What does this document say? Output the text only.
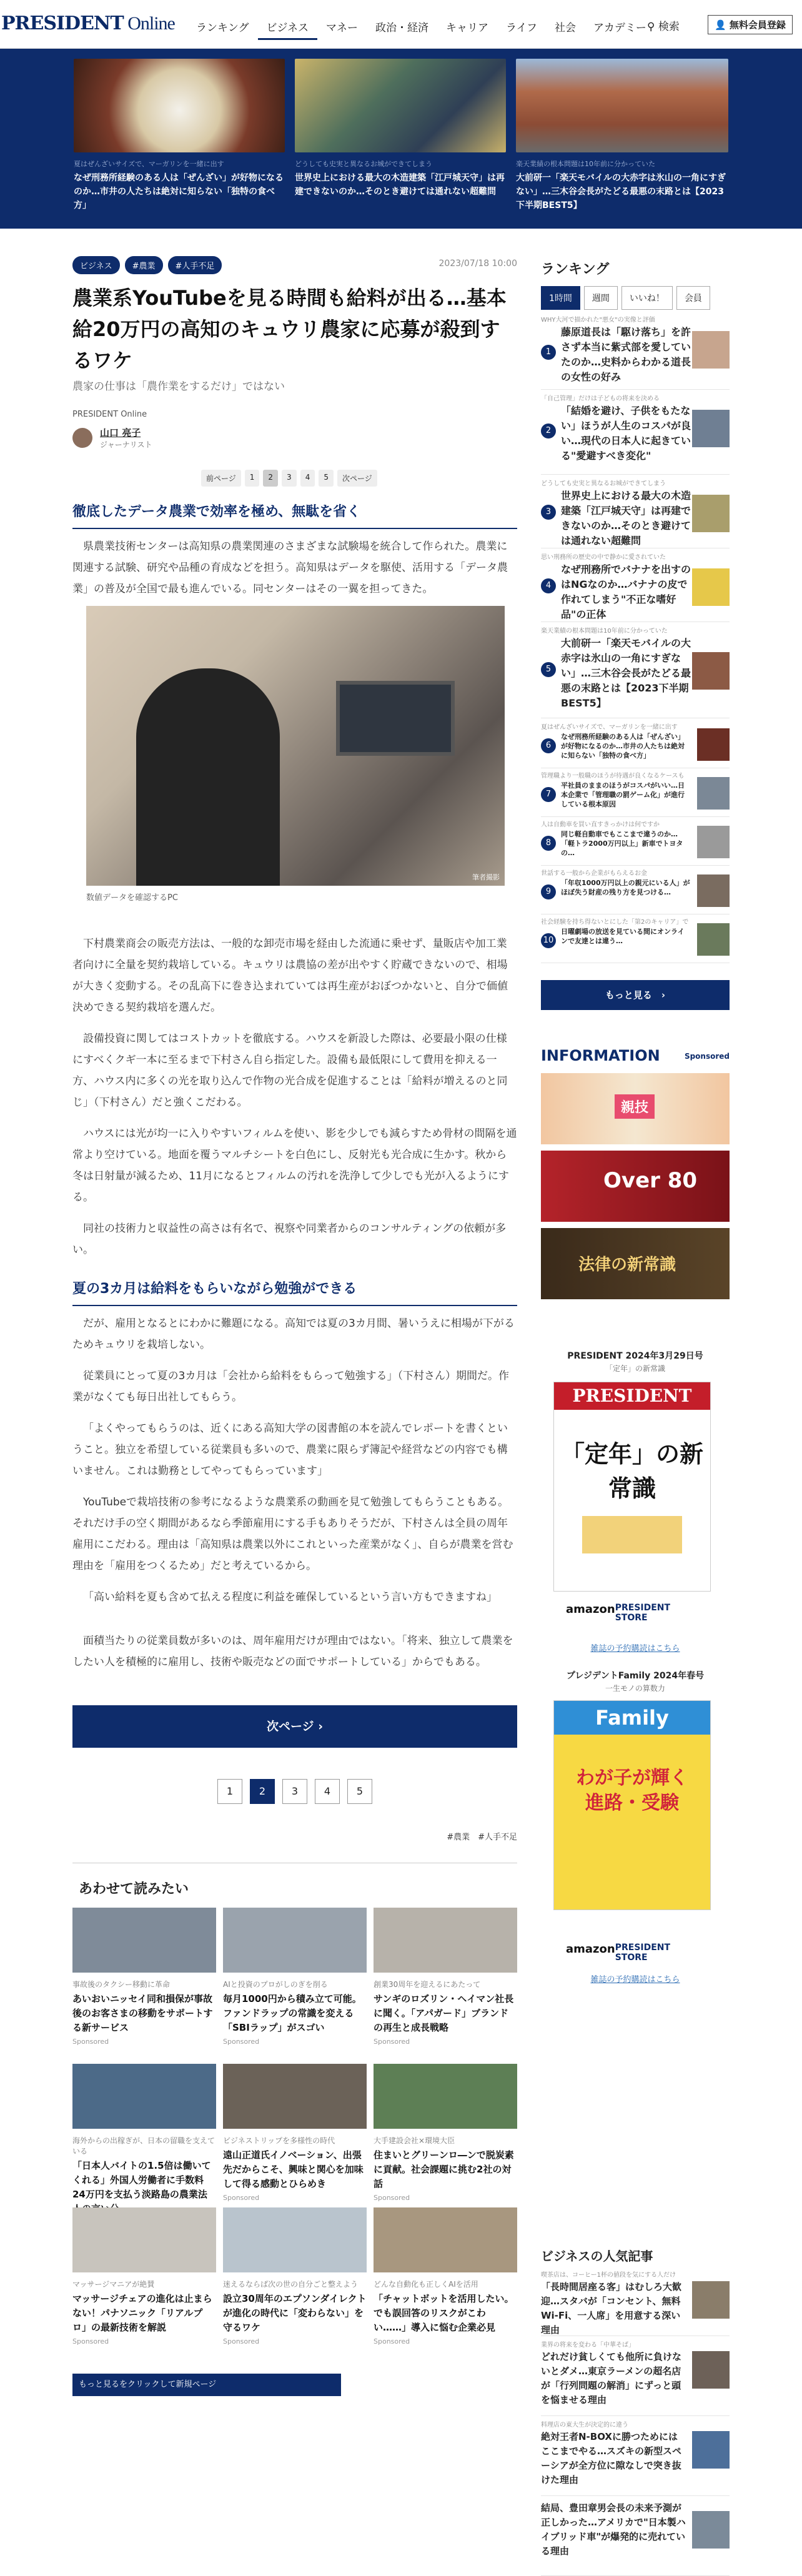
PRESIDENT Online	ランキング	ビジネス	マネー	政治・経済	キャリア	ライフ	社会	アカデミー ⚲ 検索	👤 無料会員登録
夏はぜんざいサイズで、マーガリンを一緒に出す
なぜ刑務所経験のある人は「ぜんざい」が好物になるのか…市井の人たちは絶対に知らない「独特の食べ方」
どうしても史実と異なるお城ができてしまう
世界史上における最大の木造建築「江戸城天守」は再建できないのか…そのとき避けては通れない超難問
楽天業績の根本問題は10年前に分かっていた
大前研一「楽天モバイルの大赤字は氷山の一角にすぎない」…三木谷会長がたどる最悪の末路とは【2023下半期BEST5】
ビジネス	#農業	#人手不足	2023/07/18 10:00
農業系YouTubeを見る時間も給料が出る…基本給20万円の高知のキュウリ農家に応募が殺到するワケ
農家の仕事は「農作業をするだけ」ではない
PRESIDENT Online
山口 亮子
ジャーナリスト
前ページ	1	2	3	4	5	次ページ
徹底したデータ農業で効率を極め、無駄を省く
県農業技術センターは高知県の農業関連のさまざまな試験場を統合して作られた。農業に関連する試験、研究や品種の育成などを担う。高知県はデータを駆使、活用する「データ農業」の普及が全国で最も進んでいる。同センターはその一翼を担ってきた。
筆者撮影
数値データを確認するPC
下村農業商会の販売方法は、一般的な卸売市場を経由した流通に乗せず、量販店や加工業者向けに全量を契約栽培している。キュウリは農協の差が出やすく貯蔵できないので、相場が大きく変動する。その乱高下に巻き込まれていては再生産がおぼつかないと、自分で価値決めできる契約栽培を選んだ。
設備投資に関してはコストカットを徹底する。ハウスを新設した際は、必要最小限の仕様にすべくクギ一本に至るまで下村さん自ら指定した。設備も最低限にして費用を抑える一方、ハウス内に多くの光を取り込んで作物の光合成を促進することは「給料が増えるのと同じ」（下村さん）だと強くこだわる。
ハウスには光が均一に入りやすいフィルムを使い、影を少しでも減らすため骨材の間隔を通常より空けている。地面を覆うマルチシートを白色にし、反射光も光合成に生かす。秋から冬は日射量が減るため、11月になるとフィルムの汚れを洗浄して少しでも光が入るようにする。
同社の技術力と収益性の高さは有名で、視察や同業者からのコンサルティングの依頼が多い。
夏の3カ月は給料をもらいながら勉強ができる
だが、雇用となるとにわかに難題になる。高知では夏の3カ月間、暑いうえに相場が下がるためキュウリを栽培しない。
従業員にとって夏の3カ月は「会社から給料をもらって勉強する」（下村さん）期間だ。作業がなくても毎日出社してもらう。
「よくやってもらうのは、近くにある高知大学の図書館の本を読んでレポートを書くということ。独立を希望している従業員も多いので、農業に限らず簿記や経営などの内容でも構いません。これは勤務としてやってもらっています」
YouTubeで栽培技術の参考になるような農業系の動画を見て勉強してもらうこともある。それだけ手の空く期間があるなら季節雇用にする手もありそうだが、下村さんは全員の周年雇用にこだわる。理由は「高知県は農業以外にこれといった産業がなく」、自らが農業を営む理由を「雇用をつくるため」だと考えているから。
「高い給料を夏も含めて払える程度に利益を確保しているという言い方もできますね」
面積当たりの従業員数が多いのは、周年雇用だけが理由ではない。「将来、独立して農業をしたい人を積極的に雇用し、技術や販売などの面でサポートしている」からでもある。
次ページ ›
1	2	3	4	5
#農業　#人手不足
あわせて読みたい
事故後のタクシー移動に革命
あいおいニッセイ同和損保が事故後のお客さまの移動をサポートする新サービス
Sponsored
AIと投資のプロがしのぎを削る
毎月1000円から積み立て可能。ファンドラップの常識を変える「SBIラップ」がスゴい
Sponsored
創業30周年を迎えるにあたって
サンギのロズリン・ヘイマン社長に聞く。「アパガード」ブランドの再生と成長戦略
Sponsored
海外からの出稼ぎが、日本の留職を支えている
「日本人バイトの1.5倍は働いてくれる」外国人労働者に手数料24万円を支払う淡路島の農業法
ビジネストリップを多様性の時代
遠山正道氏イノベーション、出張先だからこそ、興味と関心を加味して得る感動とひらめき
Sponsored
大手建設会社×環境大臣
住まいとグリーンロ―ンで脱炭素に貢献。社会課題に挑む2社の対話
Sponsored
マッサージマニアが絶賛
マッサージチェアの進化は止まらない！パナソニック「リアルプロ」の最新技術を解説
Sponsored
迷えるならば次の世の自分ごと整えよう
設立30周年のエプソンダイレクトが進化の時代に「変わらない」を守るワケ
Sponsored
どんな自動化も正しくAIを活用
「チャットボットを活用したい。でも誤回答のリスクがこわい……」導入に悩む企業必見
Sponsored
ランキング
1時間	週間	いいね！	会員
WHY大河で描かれた"悪女"の実像と評価
1
藤原道長は「駆け落ち」を許さず本当に紫式部を愛していたのか…史料からわかる道長の女性の好み
「自己管理」だけは子どもの将来を決める
2
「結婚を避け、子供をもたない」ほうが人生のコスパが良い…現代の日本人に起きている"愛避すべき変化"
どうしても史実と異なるお城ができてしまう
3
世界史上における最大の木造建築「江戸城天守」は再建できないのか…そのとき避けては通れない超難問
思い刑務所の歴史の中で静かに愛されていた
4
なぜ刑務所でバナナを出すのはNGなのか…バナナの皮で作れてしまう"不正な嗜好品"の正体
楽天業績の根本問題は10年前に分かっていた
5
大前研一「楽天モバイルの大赤字は氷山の一角にすぎない」…三木谷会長がたどる最悪の末路とは【2023下半期BEST5】
夏はぜんざいサイズで、マーガリンを一緒に出す
6
なぜ刑務所経験のある人は「ぜんざい」が好物になるのか…市井の人たちは絶対に知らない「独特の食べ方」
管理職より一般職のほうが待遇が良くなるケースも
7
平社員のままのほうがコスパがいい…日本企業で「管理職の罰ゲーム化」が進行している根本原因
人は自動車を買い直すきっかけは何ですか
8
同じ軽自動車でもここまで違うのか…「軽トラ2000万円以上」新車でトヨタの…
世話する一般から企業がもらえるお金
9
「年収1000万円以上の親元にいる人」がほぼ失う財産の残り方を見つける…
社会経験を持ち得ないとにした「第2のキャリア」で
10
日曜劇場の放送を見ている間にオンラインで友達とは違う…
もっと見る　›
INFORMATION	Sponsored
親技
Over 80
法律の新常識
PRESIDENT 2024年3月29日号
「定年」の新常識
PRESIDENT
「定年」の新常識
amazon PRESIDENT STORE
雑誌の予約購読はこちら
プレジデントFamily 2024年春号
一生モノの算数力
Family
わが子が輝く 進路・受験
amazon PRESIDENT STORE
雑誌の予約購読はこちら
ビジネスの人気記事
喫茶店は、コーヒー1杯の値段を気にする人だけ
「長時間居座る客」はむしろ大歓迎…スタバが「コンセント、無料Wi-Fi、一人席」を用意する深い理由
業界の将来を変わる「中華そば」
どれだけ貧しくても他所に負けないとダメ…東京ラーメンの超名店が「行列問題の解消」にずっと頭を悩ませる理由
料理店の東大生が決定的に違う
絶対王者N-BOXに勝つためにはここまでやる…スズキの新型スペーシアが全方位に隙なしで突き抜けた理由
結局、豊田章男会長の未来予測が正しかった…アメリカで"日本製ハイブリッド車"が爆発的に売れている理由
もっと見るをクリックして新規ページ
